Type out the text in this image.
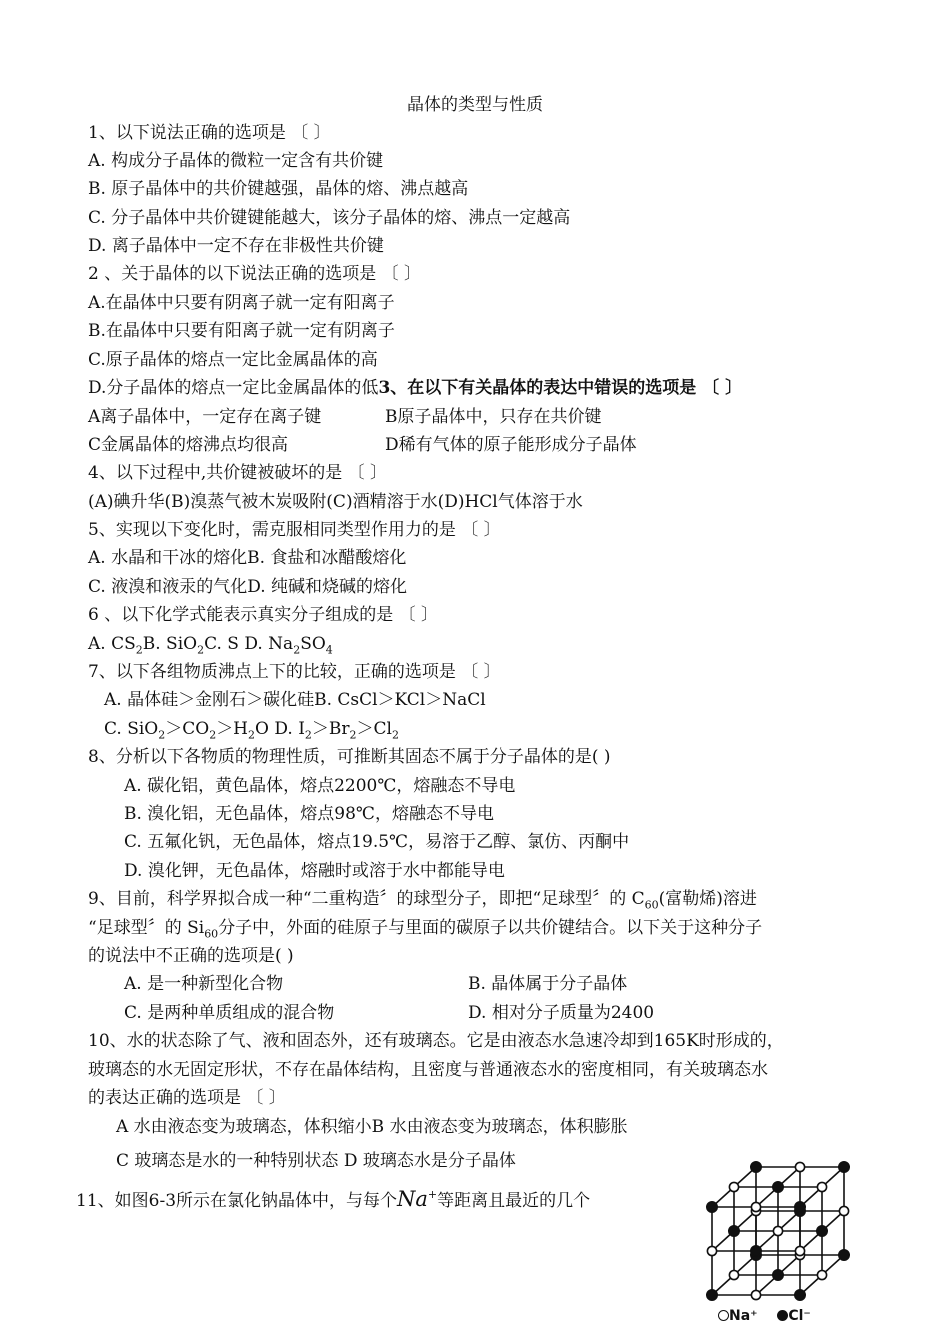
晶体的类型与性质
1、以下说法正确的选项是 〔 〕
A. 构成分子晶体的微粒一定含有共价键
B. 原子晶体中的共价键越强，晶体的熔、沸点越高
C. 分子晶体中共价键键能越大，该分子晶体的熔、沸点一定越高
D. 离子晶体中一定不存在非极性共价键
2 、关于晶体的以下说法正确的选项是 〔 〕
A.在晶体中只要有阴离子就一定有阳离子
B.在晶体中只要有阳离子就一定有阴离子
C.原子晶体的熔点一定比金属晶体的高
D.分子晶体的熔点一定比金属晶体的低3、在以下有关晶体的表达中错误的选项是 〔 〕
A离子晶体中，一定存在离子键	B原子晶体中，只存在共价键
C金属晶体的熔沸点均很高	D稀有气体的原子能形成分子晶体
4、以下过程中,共价键被破坏的是 〔 〕
(A)碘升华(B)溴蒸气被木炭吸附(C)酒精溶于水(D)HCl气体溶于水
5、实现以下变化时，需克服相同类型作用力的是 〔 〕
A. 水晶和干冰的熔化B. 食盐和冰醋酸熔化
C. 液溴和液汞的气化D. 纯碱和烧碱的熔化
6 、以下化学式能表示真实分子组成的是 〔 〕
A. $CS_2B$. SiO$_2$C. S D. $Na_2SO_4$
7、以下各组物质沸点上下的比较，正确的选项是 〔 〕
A. 晶体硅＞金刚石＞碳化硅B. CsCl＞KCl＞NaCl
C. $SiO_2>CO_2>H_2O$ D. $I_2>Br_2>Cl_2$
8、分析以下各物质的物理性质，可推断其固态不属于分子晶体的是( )
A. 碳化铝，黄色晶体，熔点2200℃，熔融态不导电
B. 溴化铝，无色晶体，熔点98℃，熔融态不导电
C. 五氟化钒，无色晶体，熔点19.5℃，易溶于乙醇、氯仿、丙酮中
D. 溴化钾，无色晶体，熔融时或溶于水中都能导电
9、目前，科学界拟合成一种“二重构造〞的球型分子，即把“足球型〞的 $C_{60}$(富勒烯)溶进
“足球型〞的 $Si_{60}$分子中，外面的硅原子与里面的碳原子以共价键结合。以下关于这种分子
的说法中不正确的选项是( )
A. 是一种新型化合物	B. 晶体属于分子晶体
C. 是两种单质组成的混合物	D. 相对分子质量为2400
10、水的状态除了气、液和固态外，还有玻璃态。它是由液态水急速冷却到165K时形成的，
玻璃态的水无固定形状，不存在晶体结构，且密度与普通液态水的密度相同，有关玻璃态水
的表达正确的选项是 〔 〕
A 水由液态变为玻璃态，体积缩小B 水由液态变为玻璃态，体积膨胀
C 玻璃态是水的一种特别状态 D 玻璃态水是分子晶体
11、如图6-3所示在氯化钠晶体中，与每个Na+等距离且最近的几个
Na⁺ Cl⁻
